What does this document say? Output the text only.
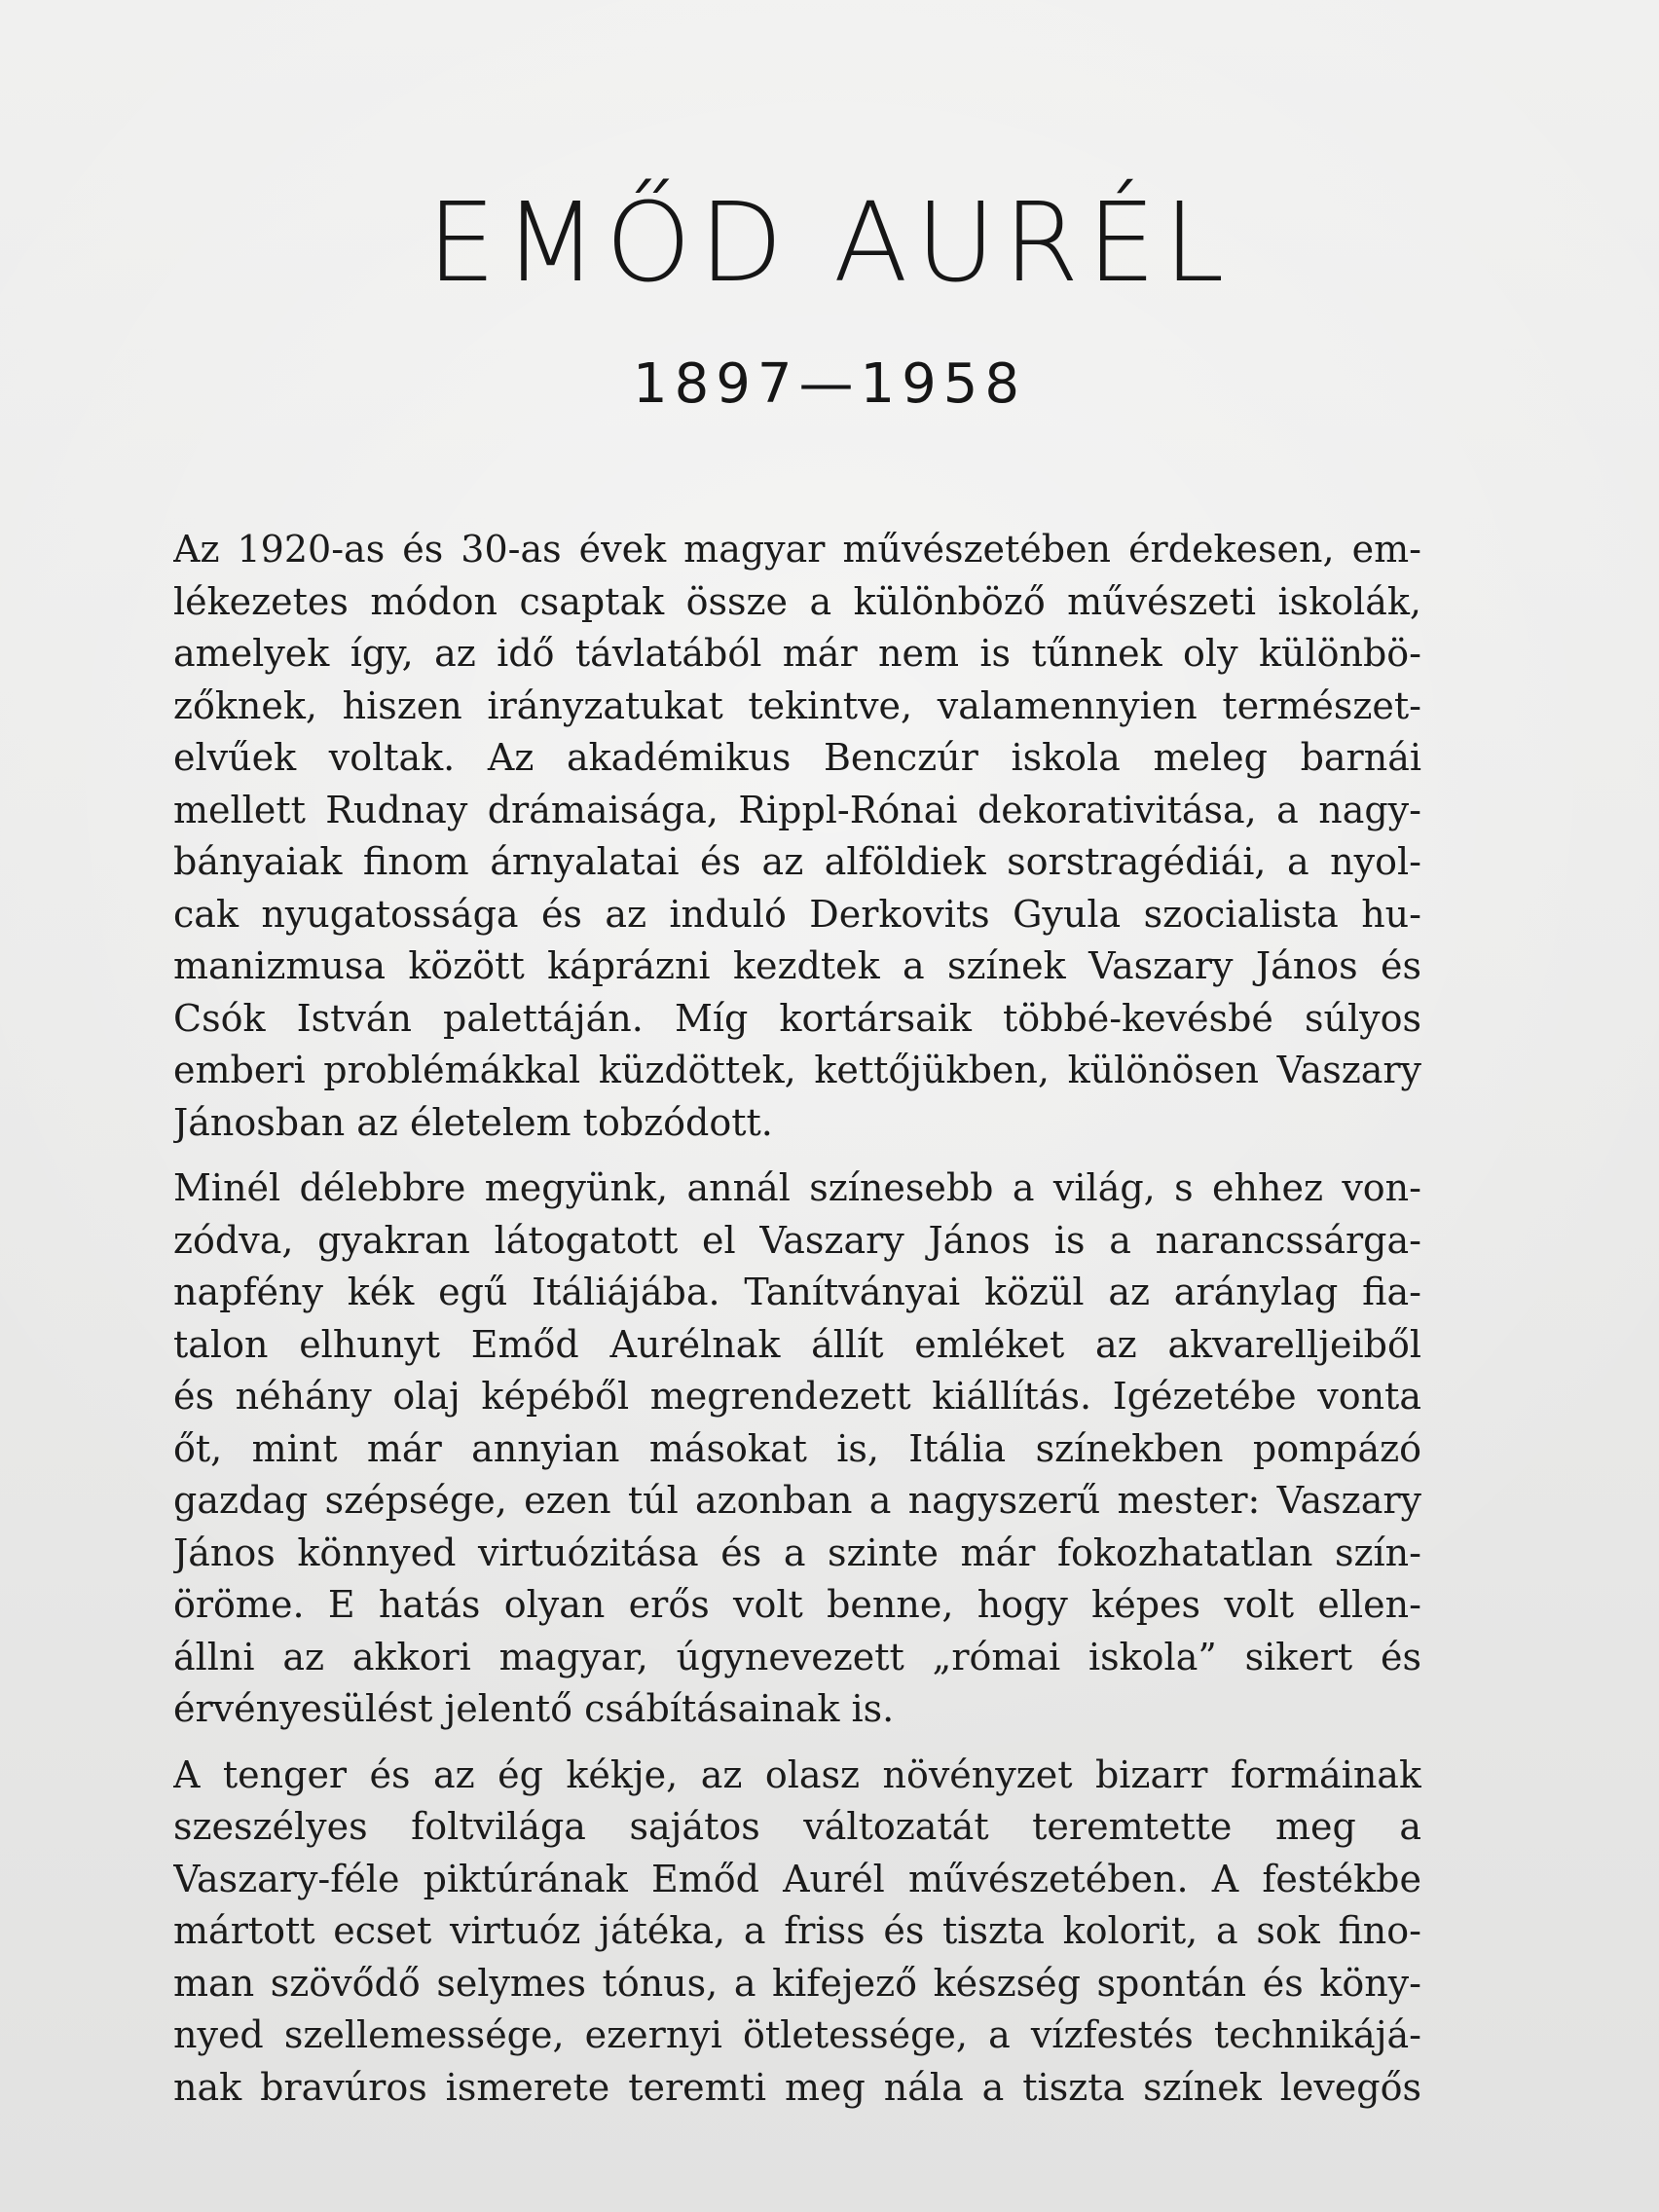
EMŐD AURÉL
1897—1958

Az 1920-as és 30-as évek magyar művészetében érdekesen, em-
lékezetes módon csaptak össze a különböző művészeti iskolák,
amelyek így, az idő távlatából már nem is tűnnek oly különbö-
zőknek, hiszen irányzatukat tekintve, valamennyien természet-
elvűek voltak. Az akadémikus Benczúr iskola meleg barnái
mellett Rudnay drámaisága, Rippl-Rónai dekorativitása, a nagy-
bányaiak finom árnyalatai és az alföldiek sorstragédiái, a nyol-
cak nyugatossága és az induló Derkovits Gyula szocialista hu-
manizmusa között káprázni kezdtek a színek Vaszary János és
Csók István palettáján. Míg kortársaik többé-kevésbé súlyos
emberi problémákkal küzdöttek, kettőjükben, különösen Vaszary
Jánosban az életelem tobzódott.

Minél délebbre megyünk, annál színesebb a világ, s ehhez von-
zódva, gyakran látogatott el Vaszary János is a narancssárga-
napfény kék egű Itáliájába. Tanítványai közül az aránylag fia-
talon elhunyt Emőd Aurélnak állít emléket az akvarelljeiből
és néhány olaj képéből megrendezett kiállítás. Igézetébe vonta
őt, mint már annyian másokat is, Itália színekben pompázó
gazdag szépsége, ezen túl azonban a nagyszerű mester: Vaszary
János könnyed virtuózitása és a szinte már fokozhatatlan szín-
öröme. E hatás olyan erős volt benne, hogy képes volt ellen-
állni az akkori magyar, úgynevezett „római iskola” sikert és
érvényesülést jelentő csábításainak is.

A tenger és az ég kékje, az olasz növényzet bizarr formáinak
szeszélyes foltvilága sajátos változatát teremtette meg a
Vaszary-féle piktúrának Emőd Aurél művészetében. A festékbe
mártott ecset virtuóz játéka, a friss és tiszta kolorit, a sok fino-
man szövődő selymes tónus, a kifejező készség spontán és köny-
nyed szellemessége, ezernyi ötletessége, a vízfestés technikájá-
nak bravúros ismerete teremti meg nála a tiszta színek levegős
